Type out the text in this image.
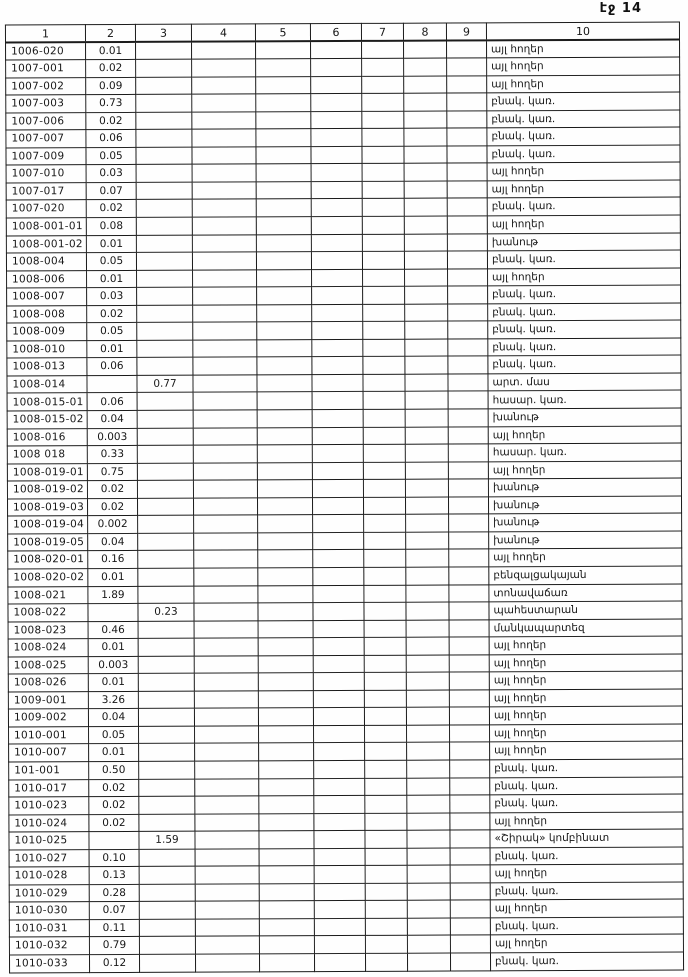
էջ 14
1	2	3	4	5	6	7	8	9	10
1006-020	0.01								այլ հողեր
1007-001	0.02								այլ հողեր
1007-002	0.09								այլ հողեր
1007-003	0.73								բնակ. կառ.
1007-006	0.02								բնակ. կառ.
1007-007	0.06								բնակ. կառ.
1007-009	0.05								բնակ. կառ.
1007-010	0.03								այլ հողեր
1007-017	0.07								այլ հողեր
1007-020	0.02								բնակ. կառ.
1008-001-01	0.08								այլ հողեր
1008-001-02	0.01								խանութ
1008-004	0.05								բնակ. կառ.
1008-006	0.01								այլ հողեր
1008-007	0.03								բնակ. կառ.
1008-008	0.02								բնակ. կառ.
1008-009	0.05								բնակ. կառ.
1008-010	0.01								բնակ. կառ.
1008-013	0.06								բնակ. կառ.
1008-014		0.77							արտ. մաս
1008-015-01	0.06								հասար. կառ.
1008-015-02	0.04								խանութ
1008-016	0.003								այլ հողեր
1008 018	0.33								հասար. կառ.
1008-019-01	0.75								այլ հողեր
1008-019-02	0.02								խանութ
1008-019-03	0.02								խանութ
1008-019-04	0.002								խանութ
1008-019-05	0.04								խանութ
1008-020-01	0.16								այլ հողեր
1008-020-02	0.01								բենզալցակայան
1008-021	1.89								տոնավաճառ
1008-022		0.23							պահեստարան
1008-023	0.46								մանկապարտեզ
1008-024	0.01								այլ հողեր
1008-025	0.003								այլ հողեր
1008-026	0.01								այլ հողեր
1009-001	3.26								այլ հողեր
1009-002	0.04								այլ հողեր
1010-001	0.05								այլ հողեր
1010-007	0.01								այլ հողեր
101-001	0.50								բնակ. կառ.
1010-017	0.02								բնակ. կառ.
1010-023	0.02								բնակ. կառ.
1010-024	0.02								այլ հողեր
1010-025		1.59							«Շիրակ» կոմբինատ
1010-027	0.10								բնակ. կառ.
1010-028	0.13								այլ հողեր
1010-029	0.28								բնակ. կառ.
1010-030	0.07								այլ հողեր
1010-031	0.11								բնակ. կառ.
1010-032	0.79								այլ հողեր
1010-033	0.12								բնակ. կառ.
